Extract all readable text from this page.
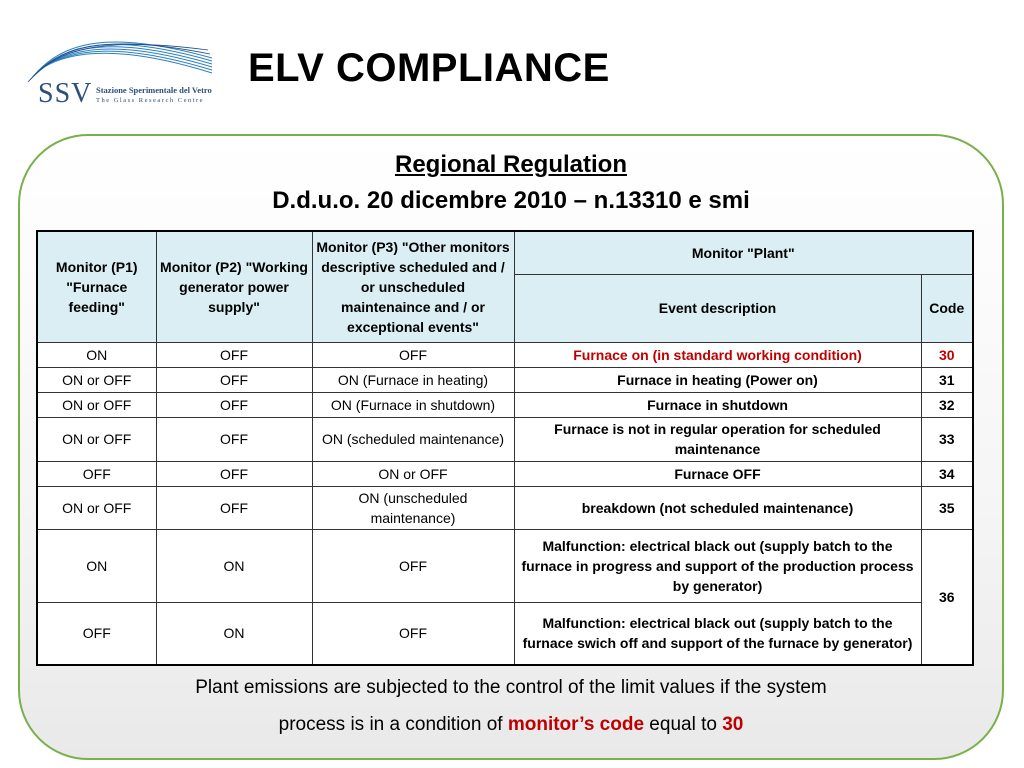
SSV Stazione Sperimentale del Vetro
The Glass Research Centre
ELV COMPLIANCE
Regional Regulation
D.d.u.o. 20 dicembre 2010 – n.13310 e smi
Monitor (P1) "Furnace feeding"	Monitor (P2) "Working generator power supply"	Monitor (P3) "Other monitors descriptive scheduled and / or unscheduled maintenaince and / or exceptional events"	Monitor "Plant"	
			Event description	Code
ON	OFF	OFF	Furnace on (in standard working condition)	30
ON or OFF	OFF	ON (Furnace in heating)	Furnace in heating (Power on)	31
ON or OFF	OFF	ON (Furnace in shutdown)	Furnace in shutdown	32
ON or OFF	OFF	ON (scheduled maintenance)	Furnace is not in regular operation for scheduled maintenance	33
OFF	OFF	ON or OFF	Furnace OFF	34
ON or OFF	OFF	ON (unscheduled maintenance)	breakdown (not scheduled maintenance)	35
ON	ON	OFF	Malfunction: electrical black out (supply batch to the furnace in progress and support of the production process by generator)	36
OFF	ON	OFF	Malfunction: electrical black out (supply batch to the furnace swich off and support of the furnace by generator)	
Plant emissions are subjected to the control of the limit values if the system
process is in a condition of monitor’s code equal to 30
